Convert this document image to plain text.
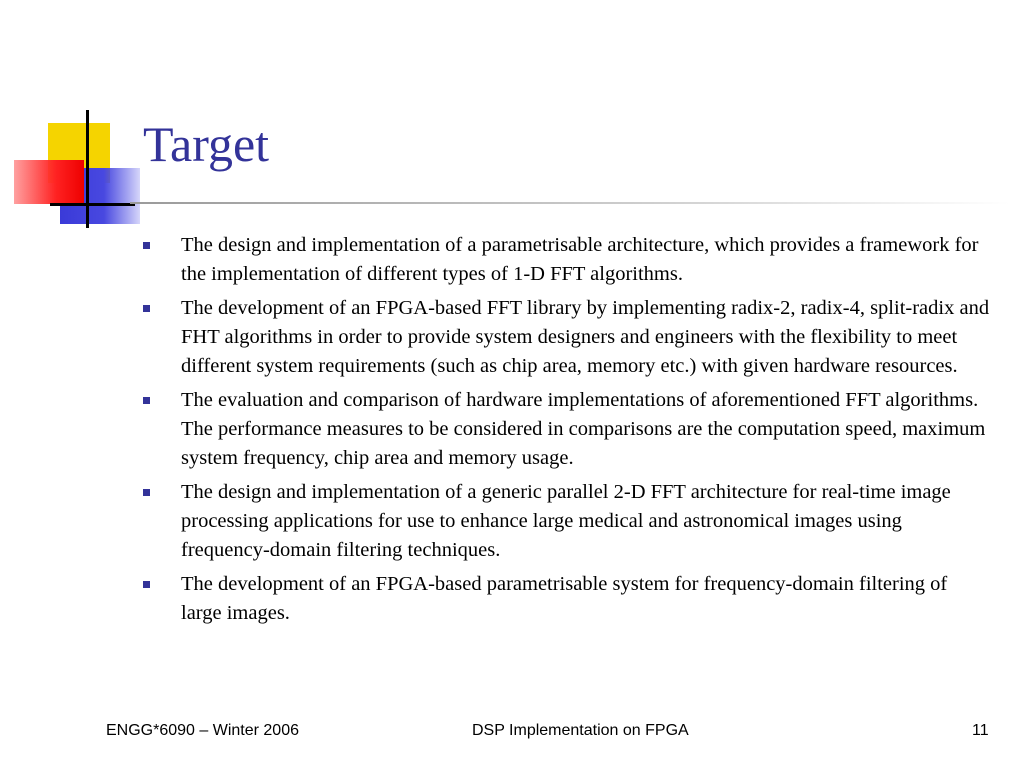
Target
The design and implementation of a parametrisable architecture, which provides a framework for the implementation of different types of 1-D FFT algorithms.
The development of an FPGA-based FFT library by implementing radix-2, radix-4, split-radix and FHT algorithms in order to provide system designers and engineers with the flexibility to meet different system requirements (such as chip area, memory etc.) with given hardware resources.
The evaluation and comparison of hardware implementations of aforementioned FFT algorithms. The performance measures to be considered in comparisons are the computation speed, maximum system frequency, chip area and memory usage.
The design and implementation of a generic parallel 2-D FFT architecture for real-time image processing applications for use to enhance large medical and astronomical images using frequency-domain filtering techniques.
The development of an FPGA-based parametrisable system for frequency-domain filtering of large images.
ENGG*6090 – Winter 2006	DSP Implementation on FPGA	11
